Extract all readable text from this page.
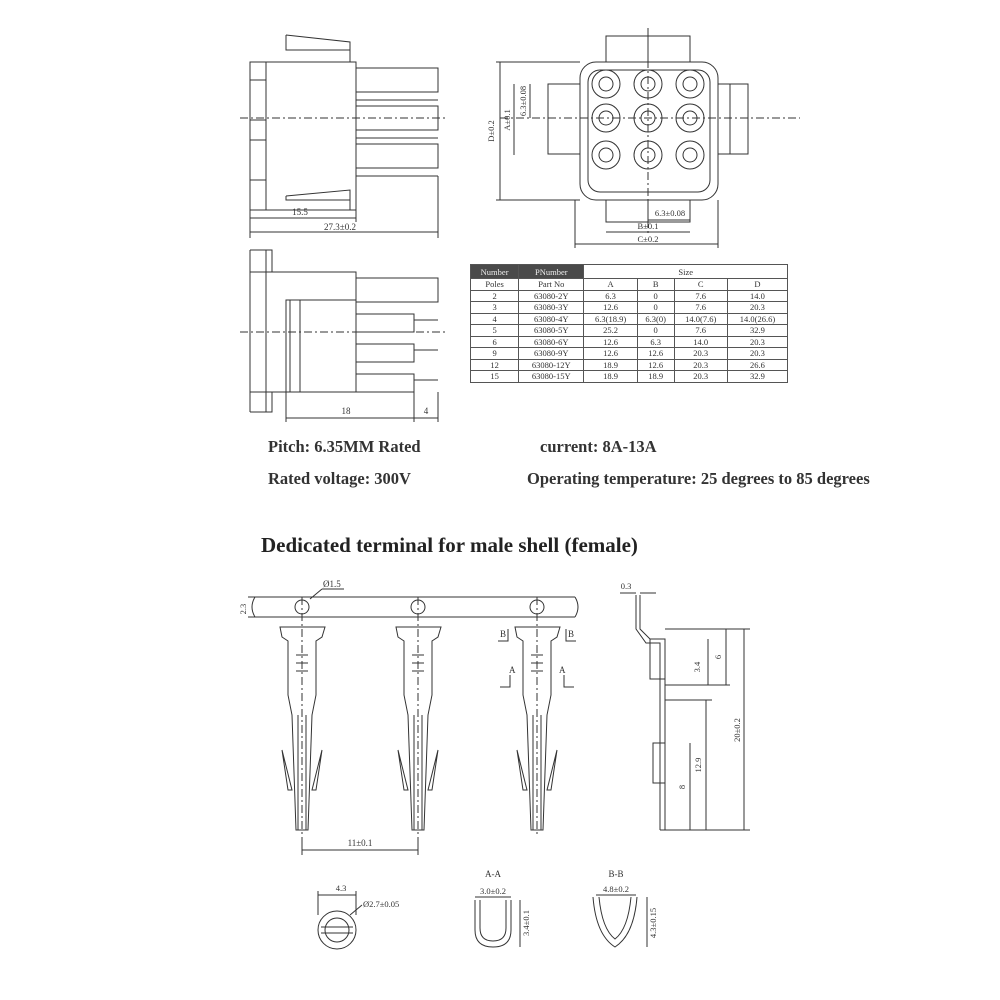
15.5
27.3±0.2
D±0.2
A±0.1
6.3±0.08
6.3±0.08
B±0.1
C±0.2
18	4
Number	PNumber	Size			
Poles	Part No	A	B	C	D
2	63080-2Y	6.3	0	7.6	14.0
3	63080-3Y	12.6	0	7.6	20.3
4	63080-4Y	6.3(18.9)	6.3(0)	14.0(7.6)	14.0(26.6)
5	63080-5Y	25.2	0	7.6	32.9
6	63080-6Y	12.6	6.3	14.0	20.3
9	63080-9Y	12.6	12.6	20.3	20.3
12	63080-12Y	18.9	12.6	20.3	26.6
15	63080-15Y	18.9	18.9	20.3	32.9
Pitch: 6.35MM Rated	current: 8A-13A
Rated voltage: 300V	Operating temperature: 25 degrees to 85 degrees
Dedicated terminal for male shell (female)
Ø1.5
2.3
B	B
A	A
11±0.1
0.3
3.4
6
20±0.2
12.9
8
4.3
Ø2.7±0.05
A-A
3.0±0.2
3.4±0.1
B-B
4.8±0.2
4.3±0.15
